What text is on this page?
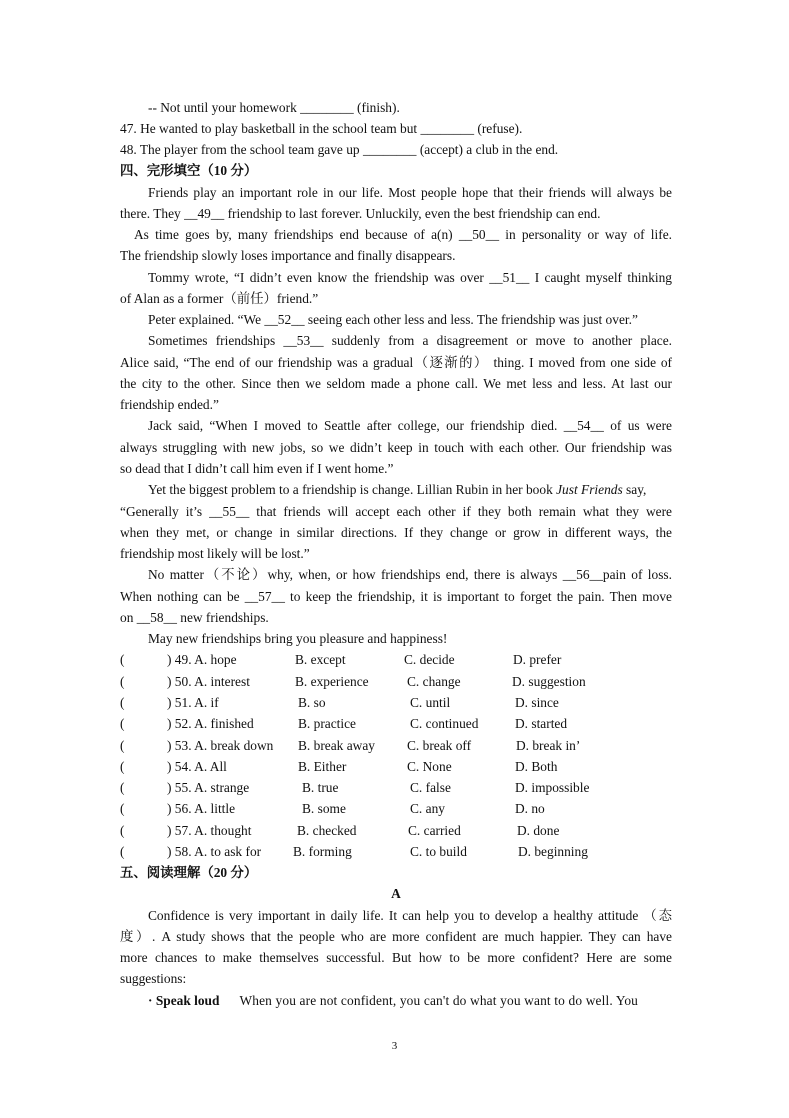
-- Not until your homework ________ (finish).
47. He wanted to play basketball in the school team but ________ (refuse).
48. The player from the school team gave up ________ (accept) a club in the end.
四、完形填空（10 分）
Friends play an important role in our life. Most people hope that their friends will always be
there. They __49__ friendship to last forever. Unluckily, even the best friendship can end.
As time goes by, many friendships end because of a(n) __50__ in personality or way of life.
The friendship slowly loses importance and finally disappears.
Tommy wrote, “I didn’t even know the friendship was over __51__ I caught myself thinking
of Alan as a former（前任）friend.”
Peter explained. “We __52__ seeing each other less and less. The friendship was just over.”
Sometimes friendships __53__ suddenly from a disagreement or move to another place.
Alice said, “The end of our friendship was a gradual（逐渐的） thing. I moved from one side of
the city to the other. Since then we seldom made a phone call. We met less and less. At last our
friendship ended.”
Jack said, “When I moved to Seattle after college, our friendship died. __54__ of us were
always struggling with new jobs, so we didn’t keep in touch with each other. Our friendship was
so dead that I didn’t call him even if I went home.”
Yet the biggest problem to a friendship is change. Lillian Rubin in her book Just Friends say,
“Generally it’s __55__ that friends will accept each other if they both remain what they were
when they met, or change in similar directions. If they change or grow in different ways, the
friendship most likely will be lost.”
No matter（不论）why, when, or how friendships end, there is always __56__pain of loss.
When nothing can be __57__ to keep the friendship, it is important to forget the pain. Then move
on __58__ new friendships.
May new friendships bring you pleasure and happiness!
(	) 49. A. hope	B. except	C. decide	D. prefer
(	) 50. A. interest	B. experience	C. change	D. suggestion
(	) 51. A. if	B. so	C. until	D. since
(	) 52. A. finished	B. practice	C. continued	D. started
(	) 53. A. break down B. break away C. break off	D. break in’
(	) 54. A. All	B. Either	C. None	D. Both
(	) 55. A. strange	B. true	C. false	D. impossible
(	) 56. A. little	B. some	C. any	D. no
(	) 57. A. thought	B. checked	C. carried	D. done
(	) 58. A. to ask for B. forming	C. to build	D. beginning
五、阅读理解（20 分）
A
Confidence is very important in daily life. It can help you to develop a healthy attitude （态
度）. A study shows that the people who are more confident are much happier. They can have
more chances to make themselves successful. But how to be more confident? Here are some
suggestions:
· Speak loud When you are not confident, you can't do what you want to do well. You
3
